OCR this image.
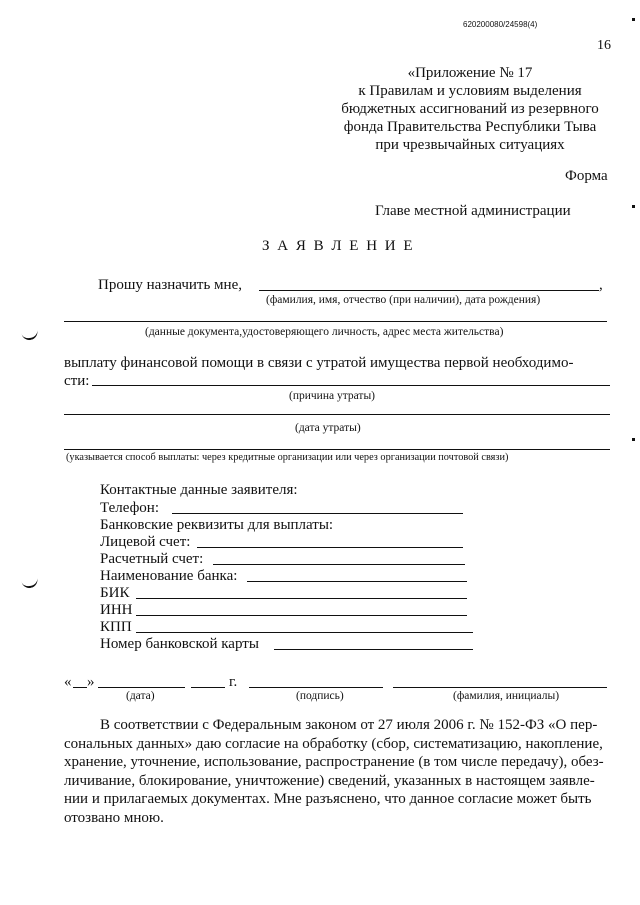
620200080/24598(4)
16
«Приложение № 17
к Правилам и условиям выделения
бюджетных ассигнований из резервного
фонда Правительства Республики Тыва
при чрезвычайных ситуациях
Форма
Главе местной администрации
З А Я В Л Е Н И Е
Прошу назначить мне,	,
(фамилия, имя, отчество (при наличии), дата рождения)
(данные документа,удостоверяющего личность, адрес места жительства)
выплату финансовой помощи в связи с утратой имущества первой необходимо-
сти:
(причина утраты)
(дата утраты)
(указывается способ выплаты: через кредитные организации или через организации почтовой связи)
Контактные данные заявителя:
Телефон:
Банковские реквизиты для выплаты:
Лицевой счет:
Расчетный счет:
Наименование банка:
БИК
ИНН
КПП
Номер банковской карты
« »	г.
(дата)	(подпись)	(фамилия, инициалы)
В соответствии с Федеральным законом от 27 июля 2006 г. № 152-ФЗ «О пер-
сональных данных» даю согласие на обработку (сбор, систематизацию, накопление,
хранение, уточнение, использование, распространение (в том числе передачу), обез-
личивание, блокирование, уничтожение) сведений, указанных в настоящем заявле-
нии и прилагаемых документах. Мне разъяснено, что данное согласие может быть
отозвано мною.
